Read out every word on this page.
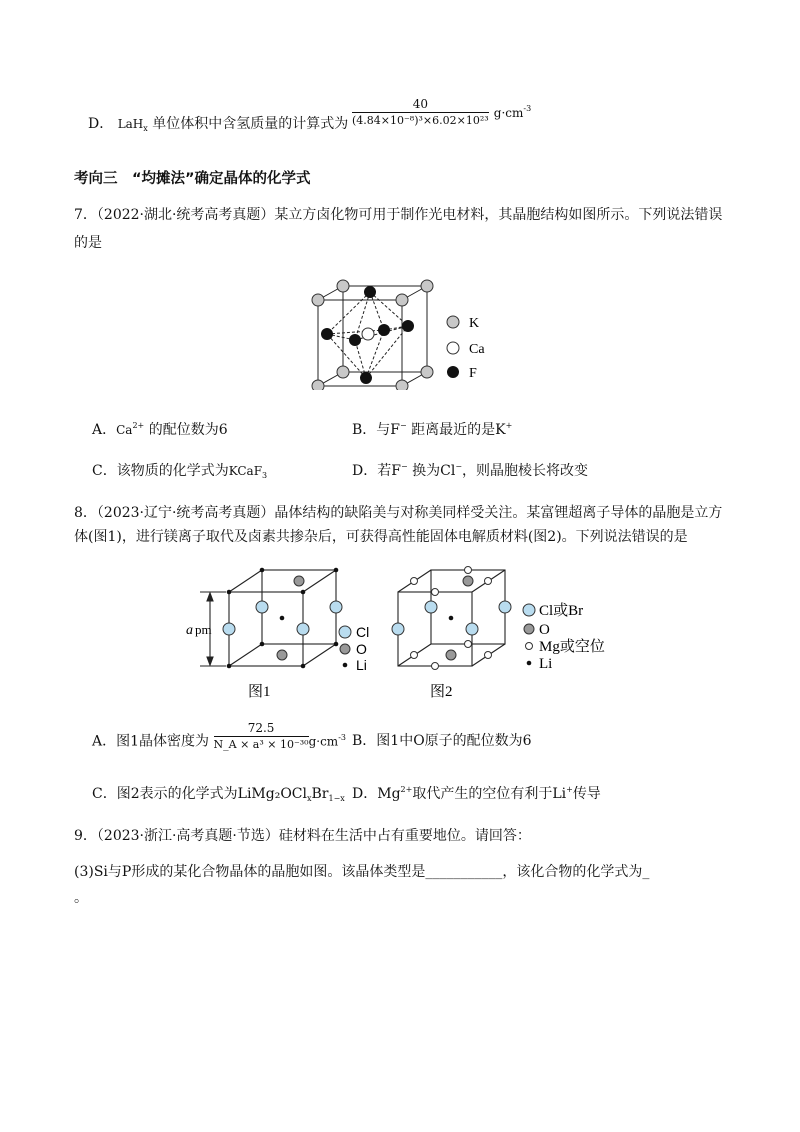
D． LaH$_x$ 单位体积中含氢质量的计算式为 $\frac{40}{\text{(4.84×10⁻⁸)³×6.02×10²³}} g\cdot cm^{-3}$
考向三　“均摊法”确定晶体的化学式
7．（2022·湖北·统考高考真题）某立方卤化物可用于制作光电材料，其晶胞结构如图所示。下列说法错误
的是
K
Ca
F
A．$Ca^{2+}$ 的配位数为6	B．与F− 距离最近的是K+
C．该物质的化学式为KCaF$_3$	D．若F− 换为Cl−，则晶胞棱长将改变
8．（2023·辽宁·统考高考真题）晶体结构的缺陷美与对称美同样受关注。某富锂超离子导体的晶胞是立方
体(图1)，进行镁离子取代及卤素共掺杂后，可获得高性能固体电解质材料(图2)。下列说法错误的是
a pm	Cl
O
Li
图1
Cl或Br
O
Mg或空位
Li
图2
A．图1晶体密度为 $\frac{72.5}{\text{N\_A × a³ × 10⁻³⁰}} g\cdot cm^{-3}$ B．图1中O原子的配位数为6
C．图2表示的化学式为$LiMg_2OCl_xBr_{1-x}$ D．$Mg^{2+}$取代产生的空位有利于Li+传导
9．（2023·浙江·高考真题·节选）硅材料在生活中占有重要地位。请回答：
(3)Si与P形成的某化合物晶体的晶胞如图。该晶体类型是___________，该化合物的化学式为_
。
